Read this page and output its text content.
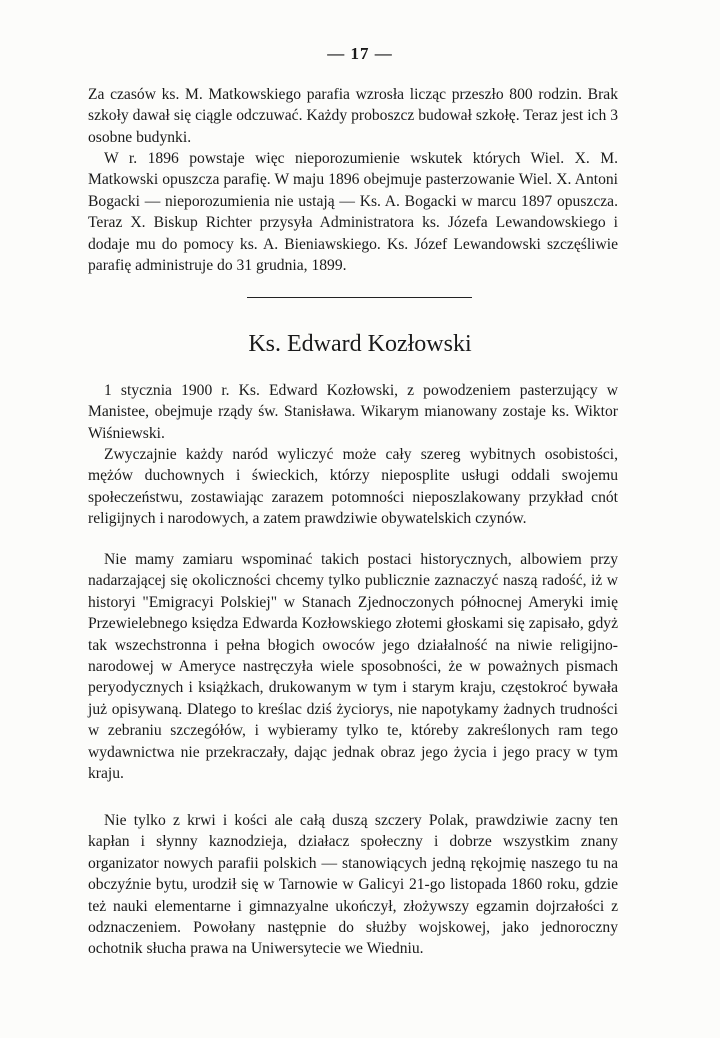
— 17 —

Za czasów ks. M. Matkowskiego parafia wzrosła licząc przeszło 800 rodzin. Brak szkoły dawał się ciągle odczuwać. Każdy proboszcz budował szkołę. Teraz jest ich 3 osobne budynki.

W r. 1896 powstaje więc nieporozumienie wskutek których Wiel. X. M. Matkowski opuszcza parafię. W maju 1896 obejmuje pasterzowanie Wiel. X. Antoni Bogacki — nieporozumienia nie ustają — Ks. A. Bogacki w marcu 1897 opuszcza. Teraz X. Biskup Richter przysyła Administratora ks. Józefa Lewandowskiego i dodaje mu do pomocy ks. A. Bieniawskiego. Ks. Józef Lewandowski szczęśliwie parafię administruje do 31 grudnia, 1899.

Ks. Edward Kozłowski

1 stycznia 1900 r. Ks. Edward Kozłowski, z powodzeniem pasterzujący w Manistee, obejmuje rządy św. Stanisława. Wikarym mianowany zostaje ks. Wiktor Wiśniewski.

Zwyczajnie każdy naród wyliczyć może cały szereg wybitnych osobistości, mężów duchownych i świeckich, którzy nieposplite usługi oddali swojemu społeczeństwu, zostawiając zarazem potomności nieposzlakowany przykład cnót religijnych i narodowych, a zatem prawdziwie obywatelskich czynów.

Nie mamy zamiaru wspominać takich postaci historycznych, albowiem przy nadarzającej się okoliczności chcemy tylko publicznie zaznaczyć naszą radość, iż w historyi "Emigracyi Polskiej" w Stanach Zjednoczonych północnej Ameryki imię Przewielebnego księdza Edwarda Kozłowskiego złotemi głoskami się zapisało, gdyż tak wszechstronna i pełna błogich owoców jego działalność na niwie religijno-narodowej w Ameryce nastręczyła wiele sposobności, że w poważnych pismach peryodycznych i książkach, drukowanym w tym i starym kraju, częstokroć bywała już opisywaną. Dlatego to kreślac dziś życiorys, nie napotykamy żadnych trudności w zebraniu szczegółów, i wybieramy tylko te, któreby zakreślonych ram tego wydawnictwa nie przekraczały, dając jednak obraz jego życia i jego pracy w tym kraju.

Nie tylko z krwi i kości ale całą duszą szczery Polak, prawdziwie zacny ten kapłan i słynny kaznodzieja, działacz społeczny i dobrze wszystkim znany organizator nowych parafii polskich — stanowiących jedną rękojmię naszego tu na obczyźnie bytu, urodził się w Tarnowie w Galicyi 21-go listopada 1860 roku, gdzie też nauki elementarne i gimnazyalne ukończył, złożywszy egzamin dojrzałości z odznaczeniem. Powołany następnie do służby wojskowej, jako jednoroczny ochotnik słucha prawa na Uniwersytecie we Wiedniu.
